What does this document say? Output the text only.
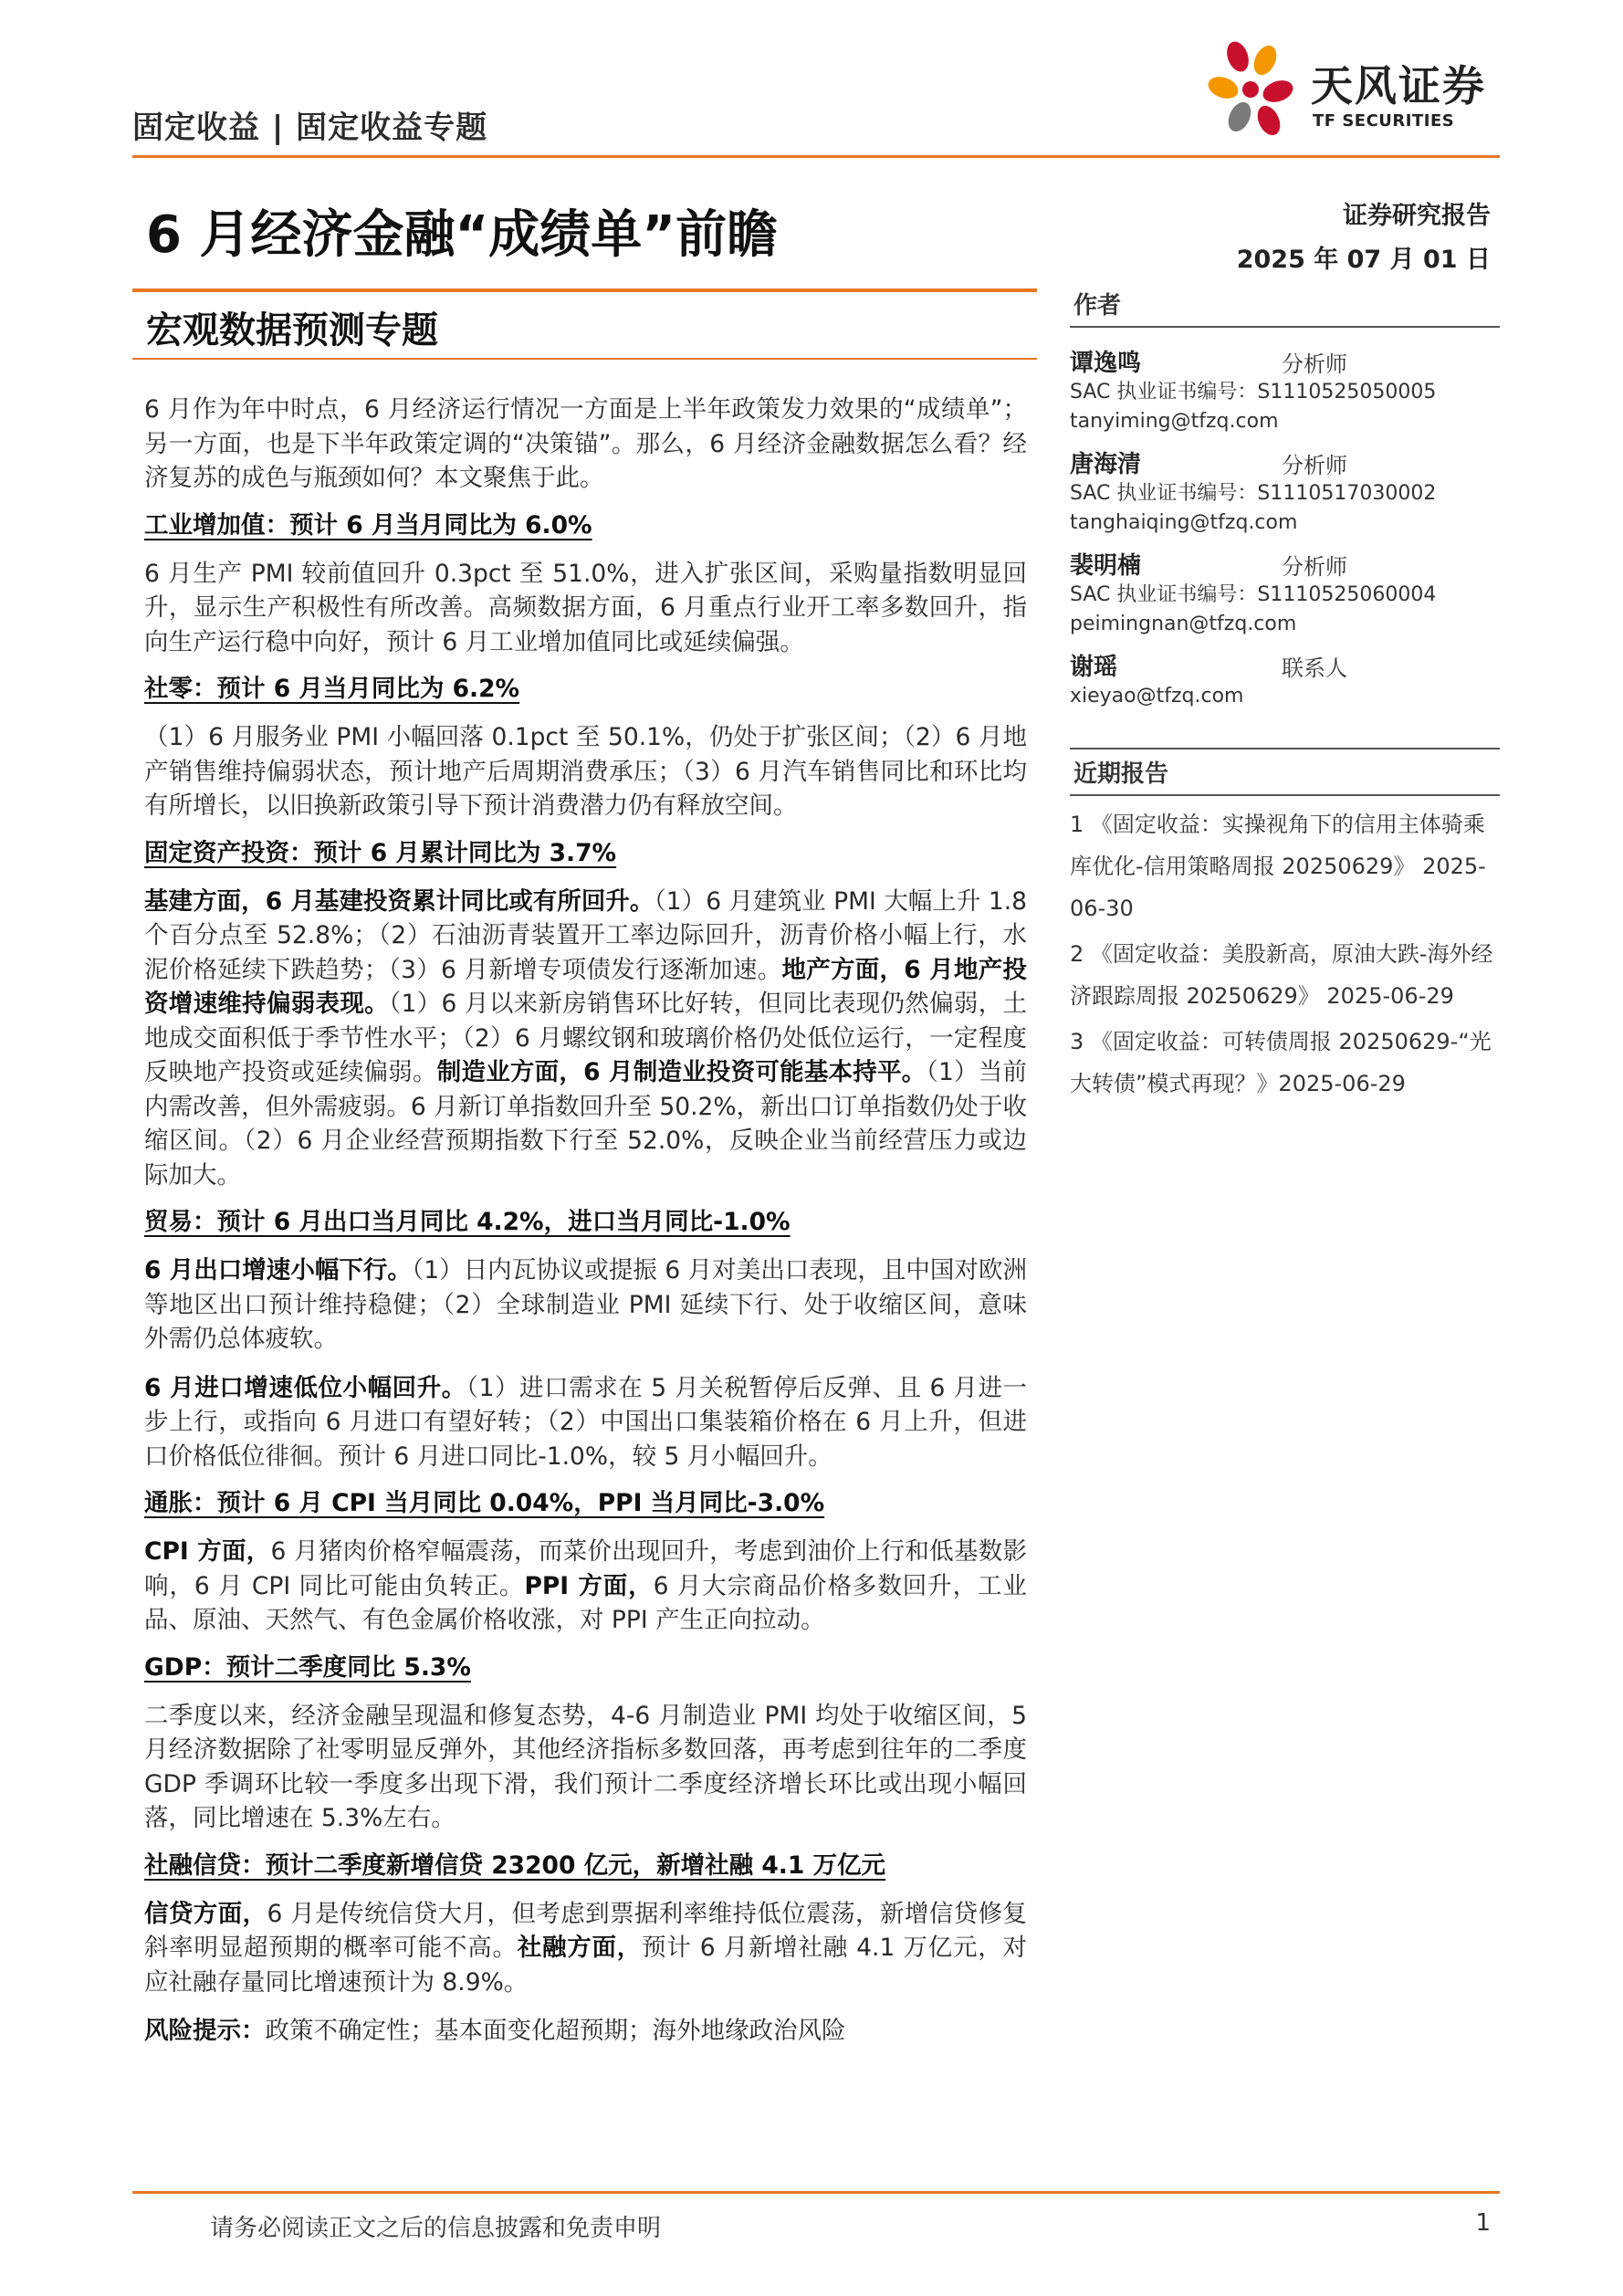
固定收益 | 固定收益专题
天风证券
TF SECURITIES
6 月经济金融“成绩单”前瞻	证券研究报告
2025 年 07 月 01 日
宏观数据预测专题
作者
谭逸鸣	分析师
SAC 执业证书编号：S1110525050005
tanyiming@tfzq.com
唐海清	分析师
SAC 执业证书编号：S1110517030002
tanghaiqing@tfzq.com
裴明楠	分析师
SAC 执业证书编号：S1110525060004
peimingnan@tfzq.com
谢瑶	联系人
xieyao@tfzq.com
近期报告
1 《固定收益：实操视角下的信用主体骑乘库优化-信用策略周报 20250629》 2025-06-30
2 《固定收益：美股新高，原油大跌-海外经济跟踪周报 20250629》 2025-06-29
3 《固定收益：可转债周报 20250629-“光大转债”模式再现？》2025-06-29

6 月作为年中时点，6 月经济运行情况一方面是上半年政策发力效果的“成绩单”；另一方面，也是下半年政策定调的“决策锚”。那么，6 月经济金融数据怎么看？经济复苏的成色与瓶颈如何？本文聚焦于此。

工业增加值：预计 6 月当月同比为 6.0%

6 月生产 PMI 较前值回升 0.3pct 至 51.0%，进入扩张区间，采购量指数明显回升，显示生产积极性有所改善。高频数据方面，6 月重点行业开工率多数回升，指向生产运行稳中向好，预计 6 月工业增加值同比或延续偏强。

社零：预计 6 月当月同比为 6.2%

（1）6 月服务业 PMI 小幅回落 0.1pct 至 50.1%，仍处于扩张区间；（2）6 月地产销售维持偏弱状态，预计地产后周期消费承压；（3）6 月汽车销售同比和环比均有所增长，以旧换新政策引导下预计消费潜力仍有释放空间。

固定资产投资：预计 6 月累计同比为 3.7%

基建方面，6 月基建投资累计同比或有所回升。（1）6 月建筑业 PMI 大幅上升 1.8 个百分点至 52.8%；（2）石油沥青装置开工率边际回升，沥青价格小幅上行，水泥价格延续下跌趋势；（3）6 月新增专项债发行逐渐加速。地产方面，6 月地产投资增速维持偏弱表现。（1）6 月以来新房销售环比好转，但同比表现仍然偏弱，土地成交面积低于季节性水平；（2）6 月螺纹钢和玻璃价格仍处低位运行，一定程度反映地产投资或延续偏弱。制造业方面，6 月制造业投资可能基本持平。（1）当前内需改善，但外需疲弱。6 月新订单指数回升至 50.2%，新出口订单指数仍处于收缩区间。（2）6 月企业经营预期指数下行至 52.0%，反映企业当前经营压力或边际加大。

贸易：预计 6 月出口当月同比 4.2%，进口当月同比-1.0%

6 月出口增速小幅下行。（1）日内瓦协议或提振 6 月对美出口表现，且中国对欧洲等地区出口预计维持稳健；（2）全球制造业 PMI 延续下行、处于收缩区间，意味外需仍总体疲软。

6 月进口增速低位小幅回升。（1）进口需求在 5 月关税暂停后反弹、且 6 月进一步上行，或指向 6 月进口有望好转；（2）中国出口集装箱价格在 6 月上升，但进口价格低位徘徊。预计 6 月进口同比-1.0%，较 5 月小幅回升。

通胀：预计 6 月 CPI 当月同比 0.04%，PPI 当月同比-3.0%

CPI 方面，6 月猪肉价格窄幅震荡，而菜价出现回升，考虑到油价上行和低基数影响，6 月 CPI 同比可能由负转正。PPI 方面，6 月大宗商品价格多数回升，工业品、原油、天然气、有色金属价格收涨，对 PPI 产生正向拉动。

GDP：预计二季度同比 5.3%

二季度以来，经济金融呈现温和修复态势，4-6 月制造业 PMI 均处于收缩区间，5 月经济数据除了社零明显反弹外，其他经济指标多数回落，再考虑到往年的二季度 GDP 季调环比较一季度多出现下滑，我们预计二季度经济增长环比或出现小幅回落，同比增速在 5.3%左右。

社融信贷：预计二季度新增信贷 23200 亿元，新增社融 4.1 万亿元

信贷方面，6 月是传统信贷大月，但考虑到票据利率维持低位震荡，新增信贷修复斜率明显超预期的概率可能不高。社融方面，预计 6 月新增社融 4.1 万亿元，对应社融存量同比增速预计为 8.9%。

风险提示：政策不确定性；基本面变化超预期；海外地缘政治风险

请务必阅读正文之后的信息披露和免责申明	1
